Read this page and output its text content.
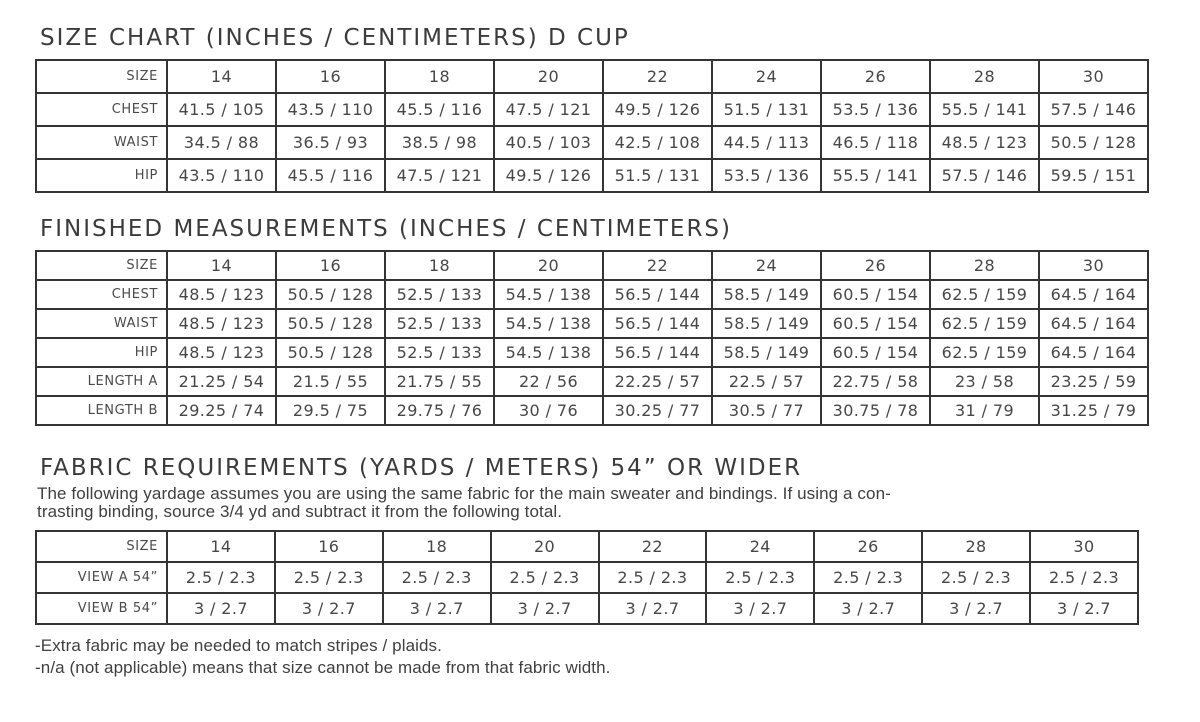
SIZE CHART (INCHES / CENTIMETERS) D CUP
SIZE	14	16	18	20	22	24	26	28	30
CHEST	41.5 / 105	43.5 / 110	45.5 / 116	47.5 / 121	49.5 / 126	51.5 / 131	53.5 / 136	55.5 / 141	57.5 / 146
WAIST	34.5 / 88	36.5 / 93	38.5 / 98	40.5 / 103	42.5 / 108	44.5 / 113	46.5 / 118	48.5 / 123	50.5 / 128
HIP	43.5 / 110	45.5 / 116	47.5 / 121	49.5 / 126	51.5 / 131	53.5 / 136	55.5 / 141	57.5 / 146	59.5 / 151
FINISHED MEASUREMENTS (INCHES / CENTIMETERS)
SIZE	14	16	18	20	22	24	26	28	30
CHEST	48.5 / 123	50.5 / 128	52.5 / 133	54.5 / 138	56.5 / 144	58.5 / 149	60.5 / 154	62.5 / 159	64.5 / 164
WAIST	48.5 / 123	50.5 / 128	52.5 / 133	54.5 / 138	56.5 / 144	58.5 / 149	60.5 / 154	62.5 / 159	64.5 / 164
HIP	48.5 / 123	50.5 / 128	52.5 / 133	54.5 / 138	56.5 / 144	58.5 / 149	60.5 / 154	62.5 / 159	64.5 / 164
LENGTH A	21.25 / 54	21.5 / 55	21.75 / 55	22 / 56	22.25 / 57	22.5 / 57	22.75 / 58	23 / 58	23.25 / 59
LENGTH B	29.25 / 74	29.5 / 75	29.75 / 76	30 / 76	30.25 / 77	30.5 / 77	30.75 / 78	31 / 79	31.25 / 79
FABRIC REQUIREMENTS (YARDS / METERS) 54” OR WIDER

The following yardage assumes you are using the same fabric for the main sweater and bindings. If using a con-
trasting binding, source 3/4 yd and subtract it from the following total.

SIZE	14	16	18	20	22	24	26	28	30
VIEW A 54”	2.5 / 2.3	2.5 / 2.3	2.5 / 2.3	2.5 / 2.3	2.5 / 2.3	2.5 / 2.3	2.5 / 2.3	2.5 / 2.3	2.5 / 2.3
VIEW B 54”	3 / 2.7	3 / 2.7	3 / 2.7	3 / 2.7	3 / 2.7	3 / 2.7	3 / 2.7	3 / 2.7	3 / 2.7
-Extra fabric may be needed to match stripes / plaids.
-n/a (not applicable) means that size cannot be made from that fabric width.
